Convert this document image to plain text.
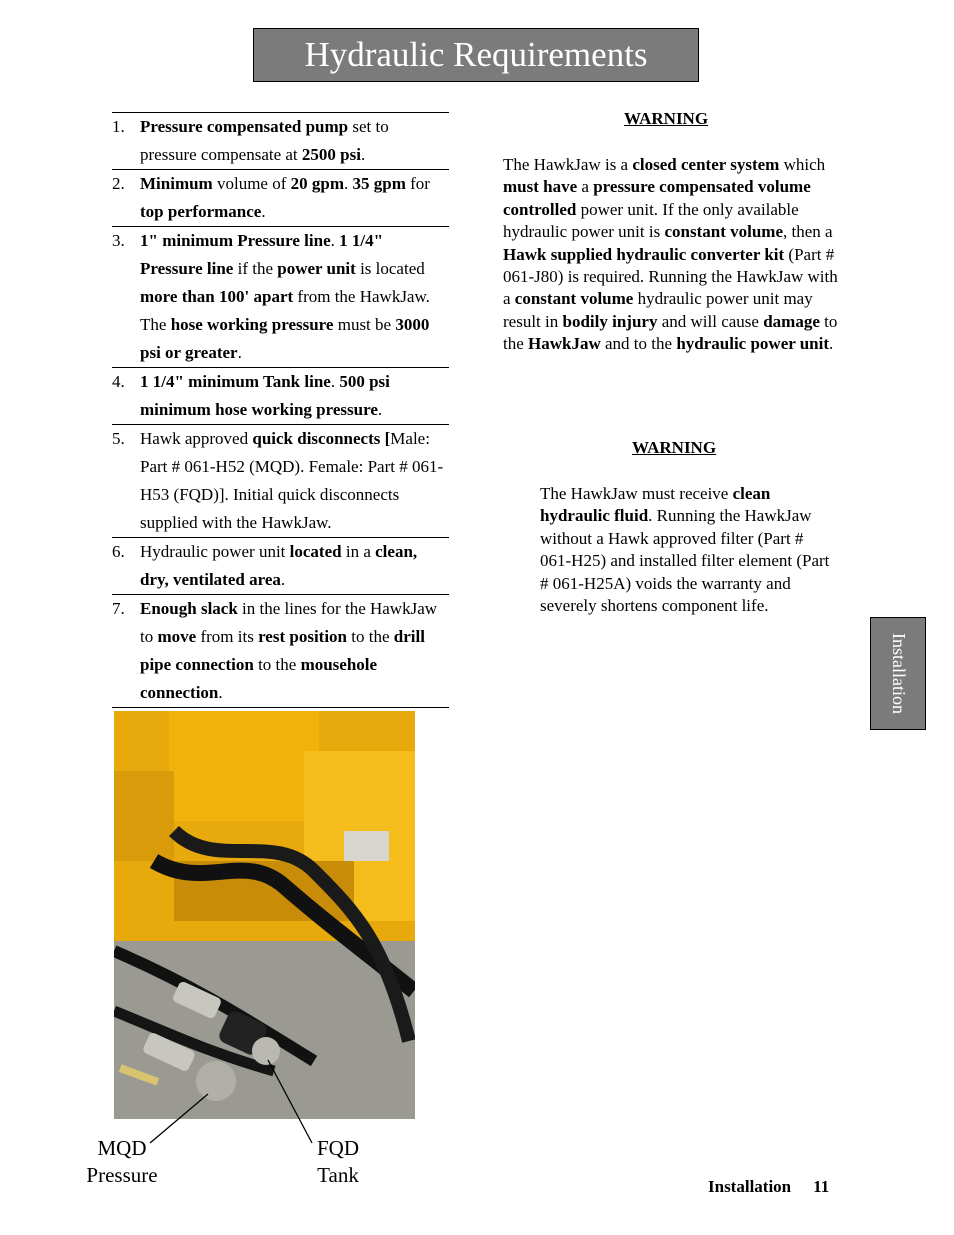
Hydraulic Requirements
1. Pressure compensated pump set to pressure compensate at 2500 psi.
2. Minimum volume of 20 gpm. 35 gpm for top performance.
3. 1" minimum Pressure line. 1 1/4" Pressure line if the power unit is located more than 100' apart from the HawkJaw. The hose working pressure must be 3000 psi or greater.
4. 1 1/4" minimum Tank line. 500 psi minimum hose working pressure.
5. Hawk approved quick disconnects [Male: Part # 061-H52 (MQD). Female: Part # 061-H53 (FQD)]. Initial quick disconnects supplied with the HawkJaw.
6. Hydraulic power unit located in a clean, dry, ventilated area.
7. Enough slack in the lines for the HawkJaw to move from its rest position to the drill pipe connection to the mousehole connection.
WARNING
The HawkJaw is a closed center system which must have a pressure compensated volume controlled power unit. If the only available hydraulic power unit is constant volume, then a Hawk supplied hydraulic converter kit (Part # 061-J80) is required. Running the HawkJaw with a constant volume hydraulic power unit may result in bodily injury and will cause damage to the HawkJaw and to the hydraulic power unit.
WARNING
The HawkJaw must receive clean hydraulic fluid. Running the HawkJaw without a Hawk approved filter (Part # 061-H25) and installed filter element (Part # 061-H25A) voids the warranty and severely shortens component life.
MQD
Pressure
FQD
Tank
Installation
Installation 11
